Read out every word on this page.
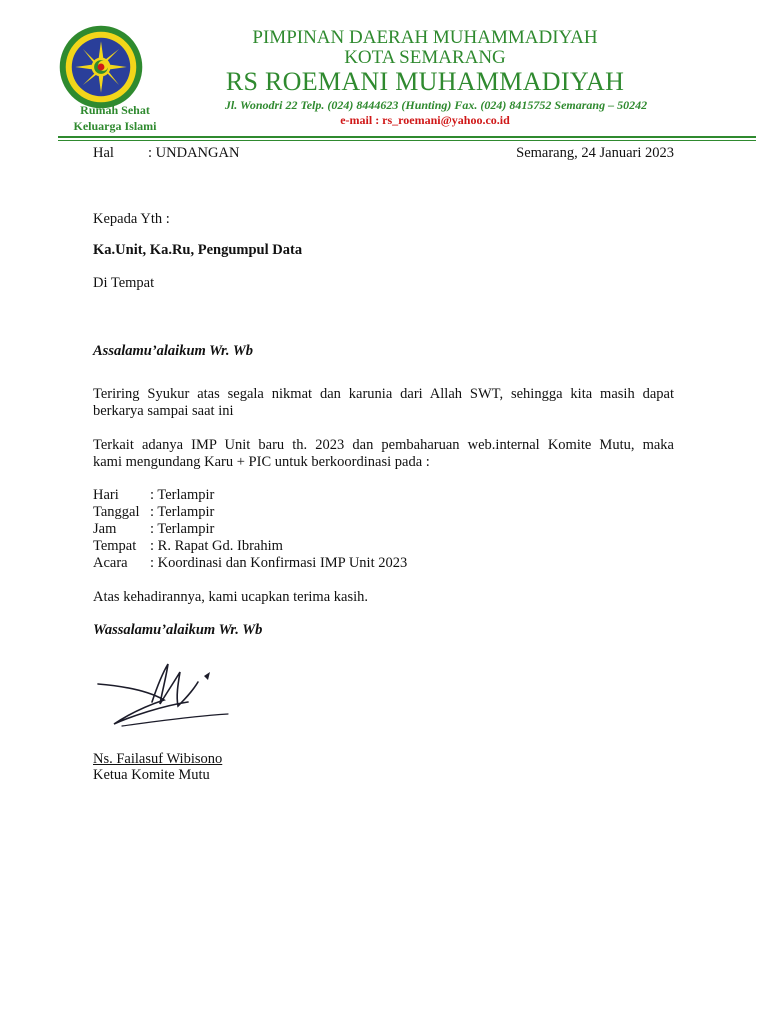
Rumah Sehat
Keluarga Islami
PIMPINAN DAERAH MUHAMMADIYAH
KOTA SEMARANG
RS ROEMANI MUHAMMADIYAH
Jl. Wonodri 22 Telp. (024) 8444623 (Hunting) Fax. (024) 8415752 Semarang – 50242
e-mail : rs_roemani@yahoo.co.id
Hal : UNDANGAN	Semarang, 24 Januari 2023
Kepada Yth :
Ka.Unit, Ka.Ru, Pengumpul Data
Di Tempat
Assalamu’alaikum Wr. Wb
Teriring Syukur atas segala nikmat dan karunia dari Allah SWT, sehingga kita masih dapat
berkarya sampai saat ini
Terkait adanya IMP Unit baru th. 2023 dan pembaharuan web.internal Komite Mutu, maka
kami mengundang Karu + PIC untuk berkoordinasi pada :
Hari : Terlampir
Tanggal : Terlampir
Jam : Terlampir
Tempat : R. Rapat Gd. Ibrahim
Acara : Koordinasi dan Konfirmasi IMP Unit 2023
Atas kehadirannya, kami ucapkan terima kasih.
Wassalamu’alaikum Wr. Wb
Ns. Failasuf Wibisono
Ketua Komite Mutu
